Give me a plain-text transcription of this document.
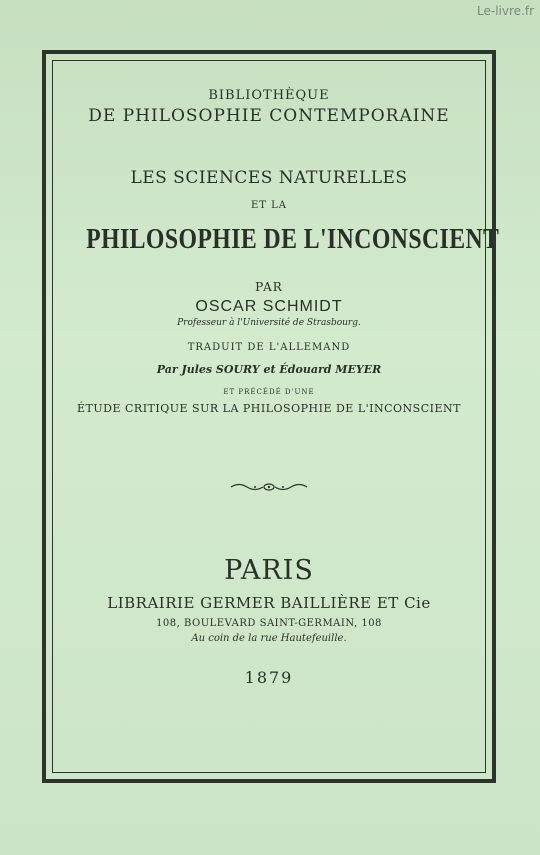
Le-livre.fr
BIBLIOTHÈQUE
DE PHILOSOPHIE CONTEMPORAINE
LES SCIENCES NATURELLES
ET LA
PHILOSOPHIE DE L'INCONSCIENT
PAR
OSCAR SCHMIDT
Professeur à l'Université de Strasbourg.
TRADUIT DE L'ALLEMAND
Par Jules SOURY et Édouard MEYER
ET PRÉCÉDÉ D'UNE
ÉTUDE CRITIQUE SUR LA PHILOSOPHIE DE L'INCONSCIENT
PARIS
LIBRAIRIE GERMER BAILLIÈRE ET Cie
108, BOULEVARD SAINT-GERMAIN, 108
Au coin de la rue Hautefeuille.
1879
